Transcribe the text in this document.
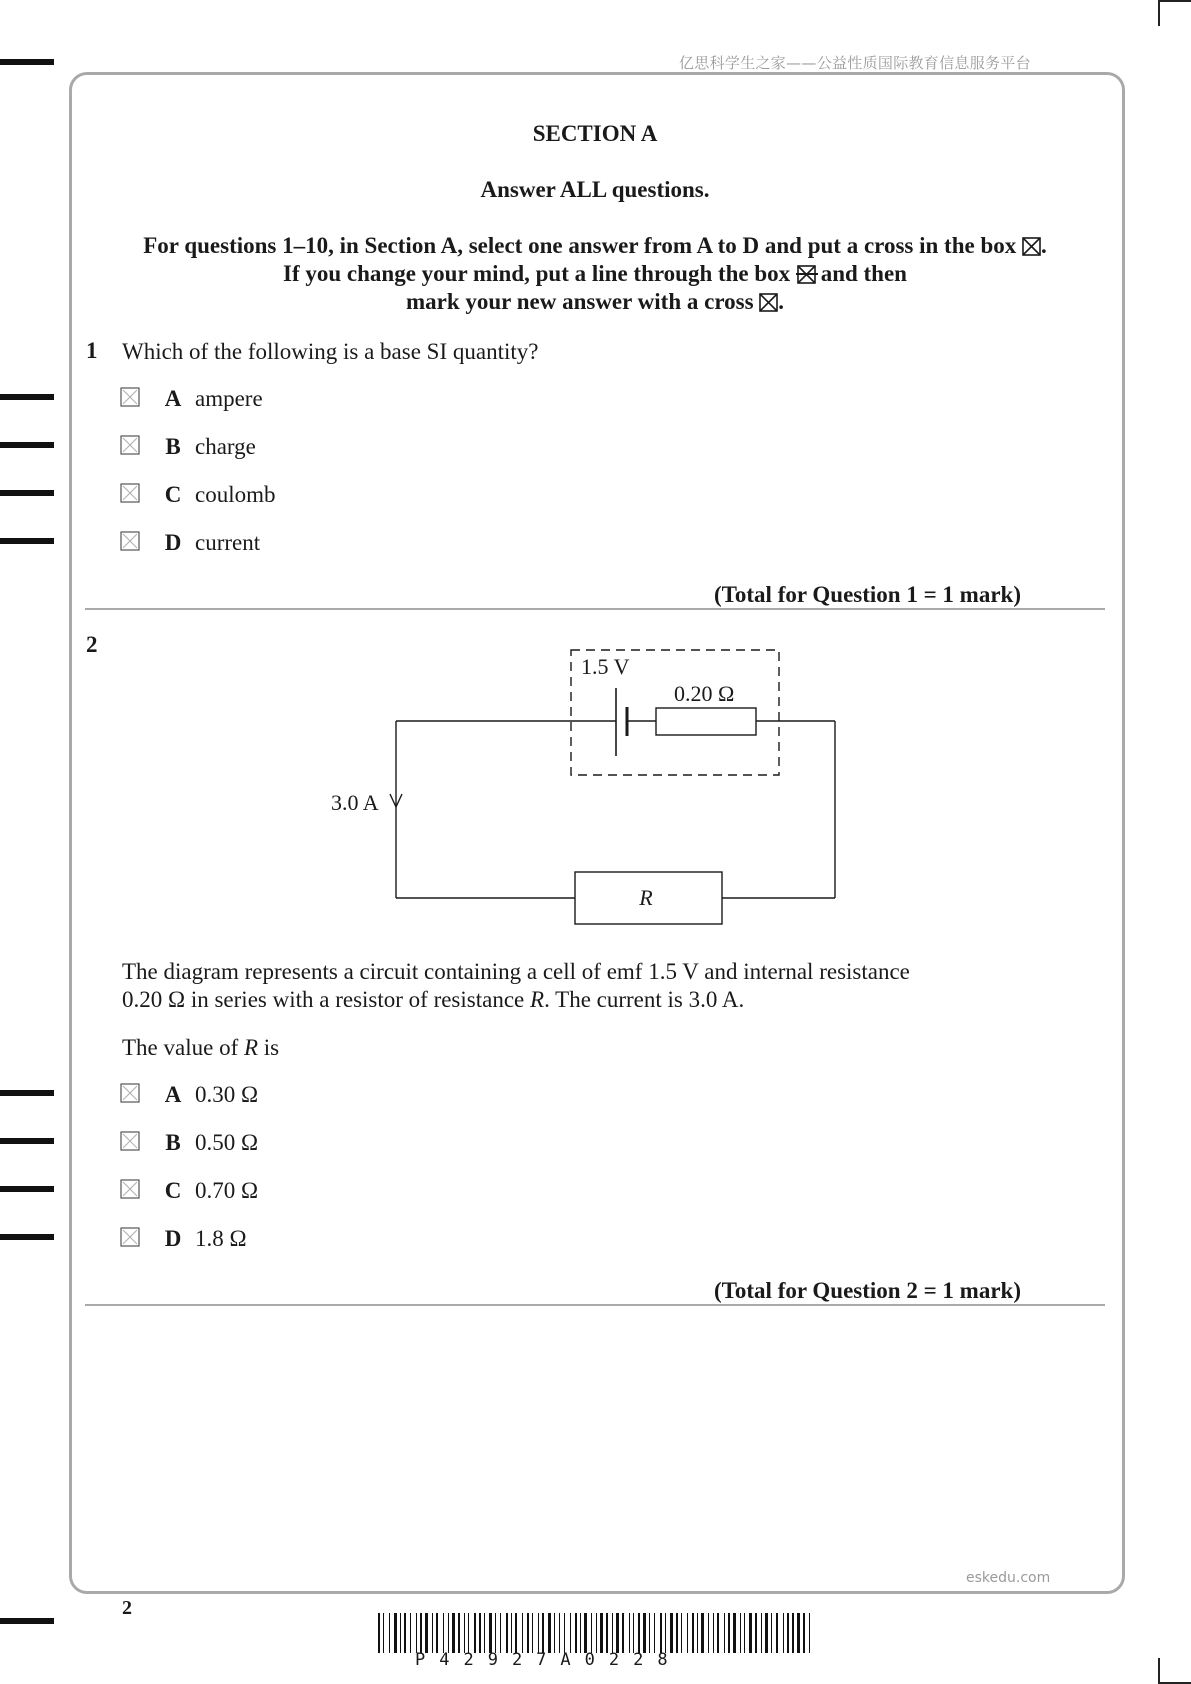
亿思科学生之家——公益性质国际教育信息服务平台
eskedu.com
SECTION A
Answer ALL questions.
For questions 1–10, in Section A, select one answer from A to D and put a cross in the box ☒.
If you change your mind, put a line through the box and then
mark your new answer with a cross ☒.
1 Which of the following is a base SI quantity?
A ampere
B charge
C coulomb
D current
(Total for Question 1 = 1 mark)
2
1.5 V
0.20 Ω
3.0 A
R
The diagram represents a circuit containing a cell of emf 1.5 V and internal resistance
0.20 Ω in series with a resistor of resistance R. The current is 3.0 A.
The value of R is
A 0.30 Ω
B 0.50 Ω
C 0.70 Ω
D 1.8 Ω
(Total for Question 2 = 1 mark)
2
P42927A0228
